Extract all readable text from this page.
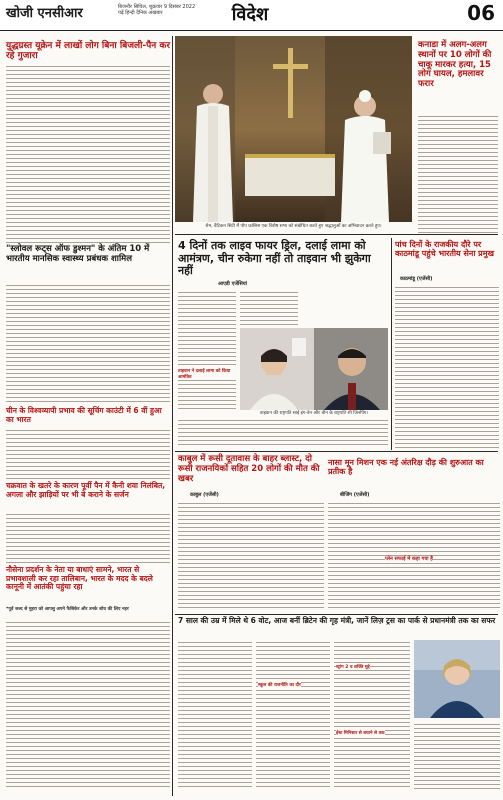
खोजी एनसीआर	बिजनौर सिविल, शुक्रवार 9 दिसंबर 2022
पढ़ें हिन्दी दैनिक अखबार	विदेश	06
युद्धग्रस्त यूक्रेन में लाखों लोग बिना बिजली-पैन कर रहे गुजारा
"स्लोवल रूट्स ऑफ डुश्मन" के अंतिम 10 में भारतीय मानसिक स्वास्थ्य प्रबंधक शामिल
चीन के विश्वव्यापी प्रभाव की सूचिंग काउंटी में 6 वीं हुआ का भारत
चक्रवात के खतरे के कारण पूर्वी पैन में कैनी शवा निलंबित, अगला और झाड़ियों पर भी बे कराने के सर्जन
नौसेना प्रदर्शन के नेता या बाधाएं सामने, भारत से प्रभावशाली कर रहा तालिबान, भारत के मदद के बदले कानूनी में आतंकी पहुंचा रहा
*पूर्व जल्द से मुहरा को आपसु अपने फैसिकेर और उनके शोध की लिए नहर
रोम, वैटिकन सिटी में पोप फ्रांसिस एक विशेष सभा को संबोधित करते हुए श्रद्धालुओं का अभिवादन करते हुए।
कनाडा में अलग-अलग स्थानों पर 10 लोगों की चाकू मारकर हत्या, 15 लोग घायल, हमलावर फरार
4 दिनों तक लाइव फायर ड्रिल, दलाई लामा को आमंत्रण, चीन रुकेगा नहीं तो ताइवान भी झुकेगा नहीं
आएडी एजेंसियां
ताइवान ने दलाई लामा को किया आमंत्रित
ताइवान की राष्ट्रपति साई इंग-वेन और चीन के राष्ट्रपति शी जिनपिंग।
पांच दिनों के राजकीय दौरे पर काठमांडू पहुंचे भारतीय सेना प्रमुख
काठमांडू (एजेंसी)
काबुल में रूसी दूतावास के बाहर ब्लास्ट, दो रूसी राजनयिकों सहित 20 लोगों की मौत की खबर
काबुल (एजेंसी)
नासा मून मिशन एक नई अंतरिक्ष दौड़ की शुरुआत का प्रतीक है
बीजिंग (एजेंसी)
प्लेन सफाई में कहा गया है
7 साल की उम्र में मिले थे 6 वोट, आज बनीं ब्रिटेन की गृह मंत्री, जानें लिज़ ट्रस का पार्क से प्रधानमंत्री तक का सफर
स्कूल की राजनीति का दौर
स्ट्रांग 2 व शक्ति मुद्दे
ईस्ट मिनिस्टर से बचाने से तक
